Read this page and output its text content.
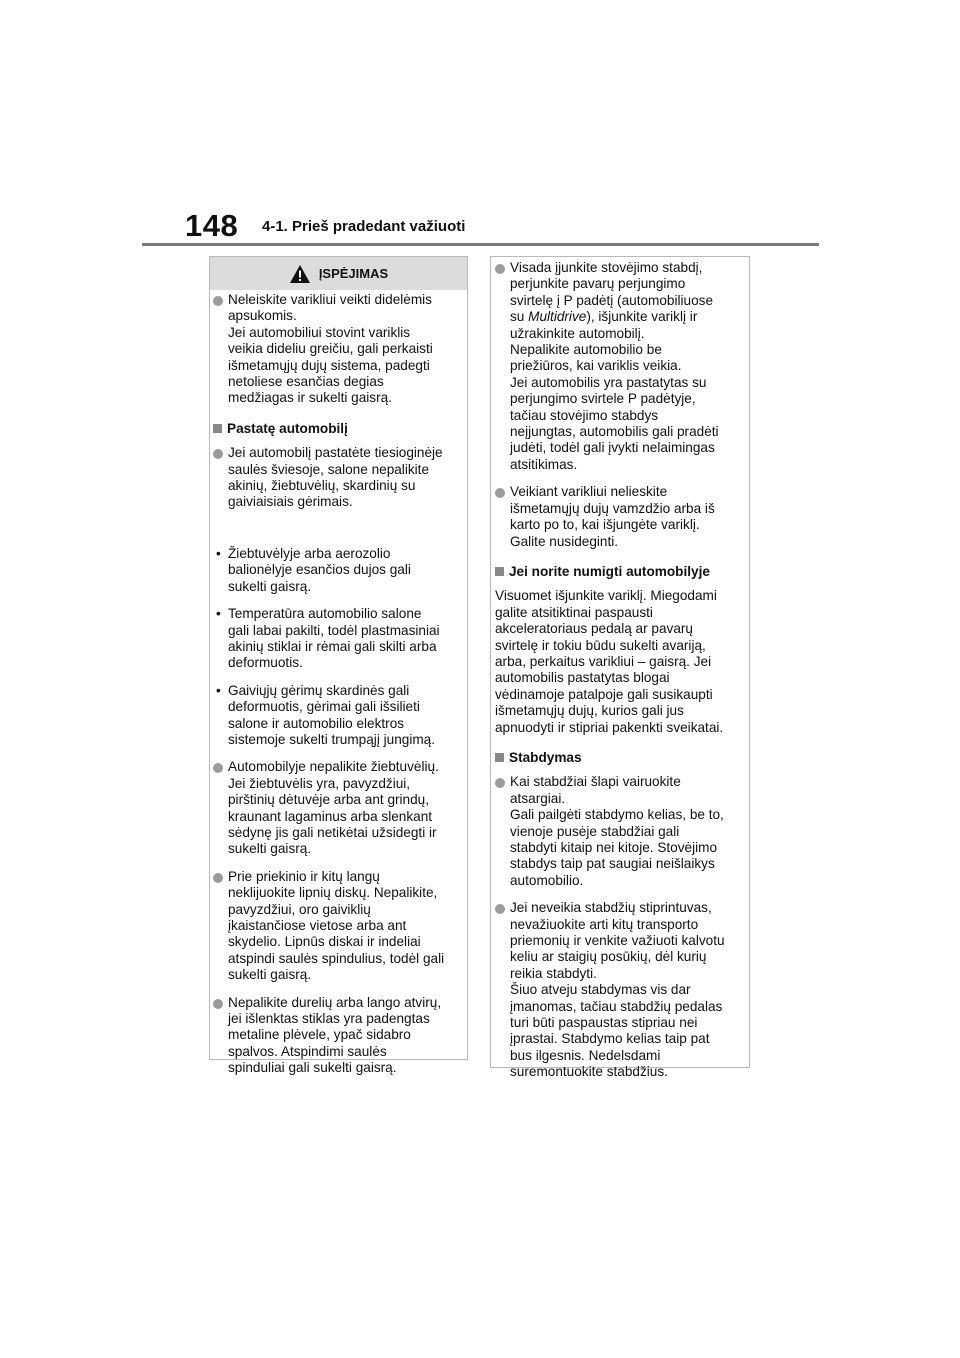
148 4-1. Prieš pradedant važiuoti
ĮSPĖJIMAS
Neleiskite varikliui veikti didelėmis
apsukomis.
Jei automobiliui stovint variklis
veikia dideliu greičiu, gali perkaisti
išmetamųjų dujų sistema, padegti
netoliese esančias degias
medžiagas ir sukelti gaisrą.
Pastatę automobilį
Jei automobilį pastatėte tiesioginėje
saulės šviesoje, salone nepalikite
akinių, žiebtuvėlių, skardinių su
gaiviaisiais gėrimais.
• Žiebtuvėlyje arba aerozolio
balionėlyje esančios dujos gali
sukelti gaisrą.
• Temperatūra automobilio salone
gali labai pakilti, todėl plastmasiniai
akinių stiklai ir rėmai gali skilti arba
deformuotis.
• Gaiviųjų gėrimų skardinės gali
deformuotis, gėrimai gali išsilieti
salone ir automobilio elektros
sistemoje sukelti trumpąjį jungimą.
Automobilyje nepalikite žiebtuvėlių.
Jei žiebtuvėlis yra, pavyzdžiui,
pirštinių dėtuvėje arba ant grindų,
kraunant lagaminus arba slenkant
sėdynę jis gali netikėtai užsidegti ir
sukelti gaisrą.
Prie priekinio ir kitų langų
neklijuokite lipnių diskų. Nepalikite,
pavyzdžiui, oro gaiviklių
įkaistančiose vietose arba ant
skydelio. Lipnūs diskai ir indeliai
atspindi saulės spindulius, todėl gali
sukelti gaisrą.
Nepalikite durelių arba lango atvirų,
jei išlenktas stiklas yra padengtas
metaline plėvele, ypač sidabro
spalvos. Atspindimi saulės
spinduliai gali sukelti gaisrą.
Visada įjunkite stovėjimo stabdį,
perjunkite pavarų perjungimo
svirtelę į P padėtį (automobiliuose
su Multidrive), išjunkite variklį ir
užrakinkite automobilį.
Nepalikite automobilio be
priežiūros, kai variklis veikia.
Jei automobilis yra pastatytas su
perjungimo svirtele P padėtyje,
tačiau stovėjimo stabdys
neįjungtas, automobilis gali pradėti
judėti, todėl gali įvykti nelaimingas
atsitikimas.
Veikiant varikliui nelieskite
išmetamųjų dujų vamzdžio arba iš
karto po to, kai išjungėte variklį.
Galite nusideginti.
Jei norite numigti automobilyje
Visuomet išjunkite variklį. Miegodami
galite atsitiktinai paspausti
akceleratoriaus pedalą ar pavarų
svirtelę ir tokiu būdu sukelti avariją,
arba, perkaitus varikliui – gaisrą. Jei
automobilis pastatytas blogai
vėdinamoje patalpoje gali susikaupti
išmetamųjų dujų, kurios gali jus
apnuodyti ir stipriai pakenkti sveikatai.
Stabdymas
Kai stabdžiai šlapi vairuokite
atsargiai.
Gali pailgėti stabdymo kelias, be to,
vienoje pusėje stabdžiai gali
stabdyti kitaip nei kitoje. Stovėjimo
stabdys taip pat saugiai neišlaikys
automobilio.
Jei neveikia stabdžių stiprintuvas,
nevažiuokite arti kitų transporto
priemonių ir venkite važiuoti kalvotu
keliu ar staigių posūkių, dėl kurių
reikia stabdyti.
Šiuo atveju stabdymas vis dar
įmanomas, tačiau stabdžių pedalas
turi būti paspaustas stipriau nei
įprastai. Stabdymo kelias taip pat
bus ilgesnis. Nedelsdami
suremontuokite stabdžius.
